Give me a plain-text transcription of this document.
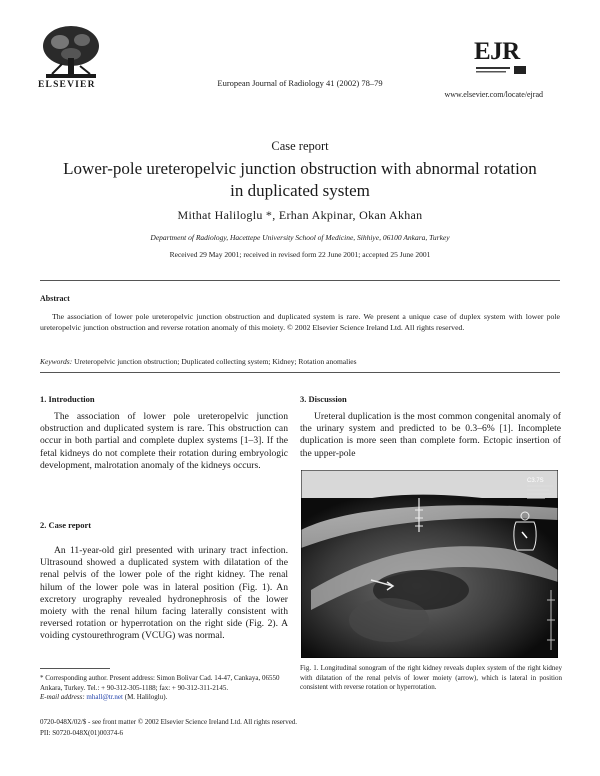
ELSEVIER	European Journal of Radiology 41 (2002) 78–79
EJR
www.elsevier.com/locate/ejrad
Case report
Lower-pole ureteropelvic junction obstruction with abnormal rotation in duplicated system
Mithat Haliloglu *, Erhan Akpinar, Okan Akhan
Department of Radiology, Hacettepe University School of Medicine, Sihhiye, 06100 Ankara, Turkey
Received 29 May 2001; received in revised form 22 June 2001; accepted 25 June 2001
Abstract
The association of lower pole ureteropelvic junction obstruction and duplicated system is rare. We present a unique case of duplex system with lower pole ureteropelvic junction obstruction and reverse rotation anomaly of this moiety. © 2002 Elsevier Science Ireland Ltd. All rights reserved.
Keywords: Ureteropelvic junction obstruction; Duplicated collecting system; Kidney; Rotation anomalies
1. Introduction
The association of lower pole ureteropelvic junction obstruction and duplicated system is rare. This obstruction can occur in both partial and complete duplex systems [1–3]. If the fetal kidneys do not complete their rotation during embryologic development, malrotation anomaly of the kidneys occurs.
2. Case report
An 11-year-old girl presented with urinary tract infection. Ultrasound showed a duplicated system with dilatation of the renal pelvis of the lower pole of the right kidney. The renal hilum of the lower pole was in lateral position (Fig. 1). An excretory urography revealed hydronephrosis of the lower moiety with the renal hilum facing laterally consistent with reversed rotation or hyperrotation on the right side (Fig. 2). A voiding cystourethrogram (VCUG) was normal.
3. Discussion
Ureteral duplication is the most common congenital anomaly of the urinary system and predicted to be 0.3–6% [1]. Incomplete duplication is more seen than complete form. Ectopic insertion of the upper-pole
C3.7S
Fig. 1. Longitudinal sonogram of the right kidney reveals duplex system of the right kidney with dilatation of the renal pelvis of lower moiety (arrow), which is lateral in position consistent with reverse rotation or hyperrotation.
* Corresponding author. Present address: Simon Bolivar Cad. 14-47, Cankaya, 06550 Ankara, Turkey. Tel.: + 90-312-305-1188; fax: + 90-312-311-2145.
E-mail address: mhall@tr.net (M. Haliloglu).
0720-048X/02/$ - see front matter © 2002 Elsevier Science Ireland Ltd. All rights reserved.
PII: S0720-048X(01)00374-6
